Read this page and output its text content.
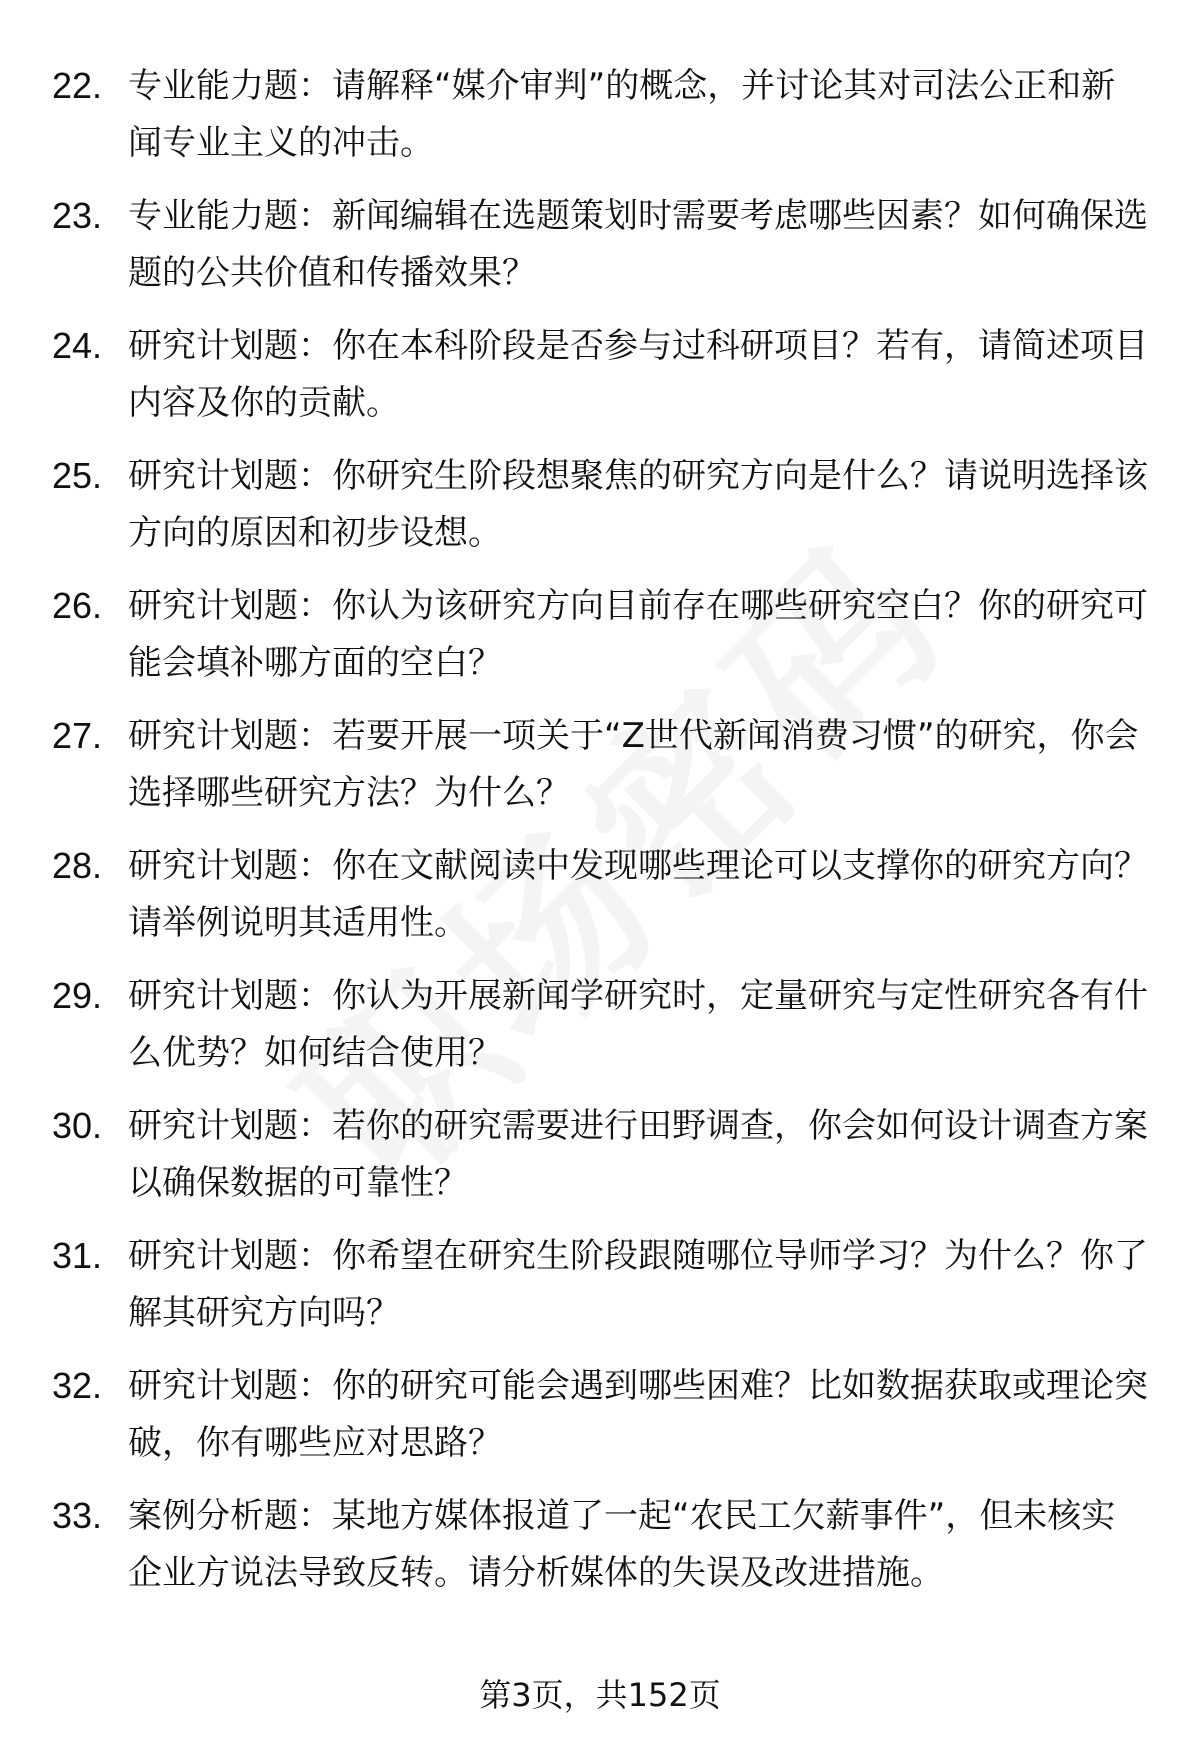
22. 专业能力题：请解释“媒介审判”的概念，并讨论其对司法公正和新闻专业主义的冲击。
23. 专业能力题：新闻编辑在选题策划时需要考虑哪些因素？如何确保选题的公共价值和传播效果？
24. 研究计划题：你在本科阶段是否参与过科研项目？若有，请简述项目内容及你的贡献。
25. 研究计划题：你研究生阶段想聚焦的研究方向是什么？请说明选择该方向的原因和初步设想。
26. 研究计划题：你认为该研究方向目前存在哪些研究空白？你的研究可能会填补哪方面的空白？
27. 研究计划题：若要开展一项关于“Z世代新闻消费习惯”的研究，你会选择哪些研究方法？为什么？
28. 研究计划题：你在文献阅读中发现哪些理论可以支撑你的研究方向？请举例说明其适用性。
29. 研究计划题：你认为开展新闻学研究时，定量研究与定性研究各有什么优势？如何结合使用？
30. 研究计划题：若你的研究需要进行田野调查，你会如何设计调查方案以确保数据的可靠性？
31. 研究计划题：你希望在研究生阶段跟随哪位导师学习？为什么？你了解其研究方向吗？
32. 研究计划题：你的研究可能会遇到哪些困难？比如数据获取或理论突破，你有哪些应对思路？
33. 案例分析题：某地方媒体报道了一起“农民工欠薪事件”，但未核实企业方说法导致反转。请分析媒体的失误及改进措施。
第3页，共152页
